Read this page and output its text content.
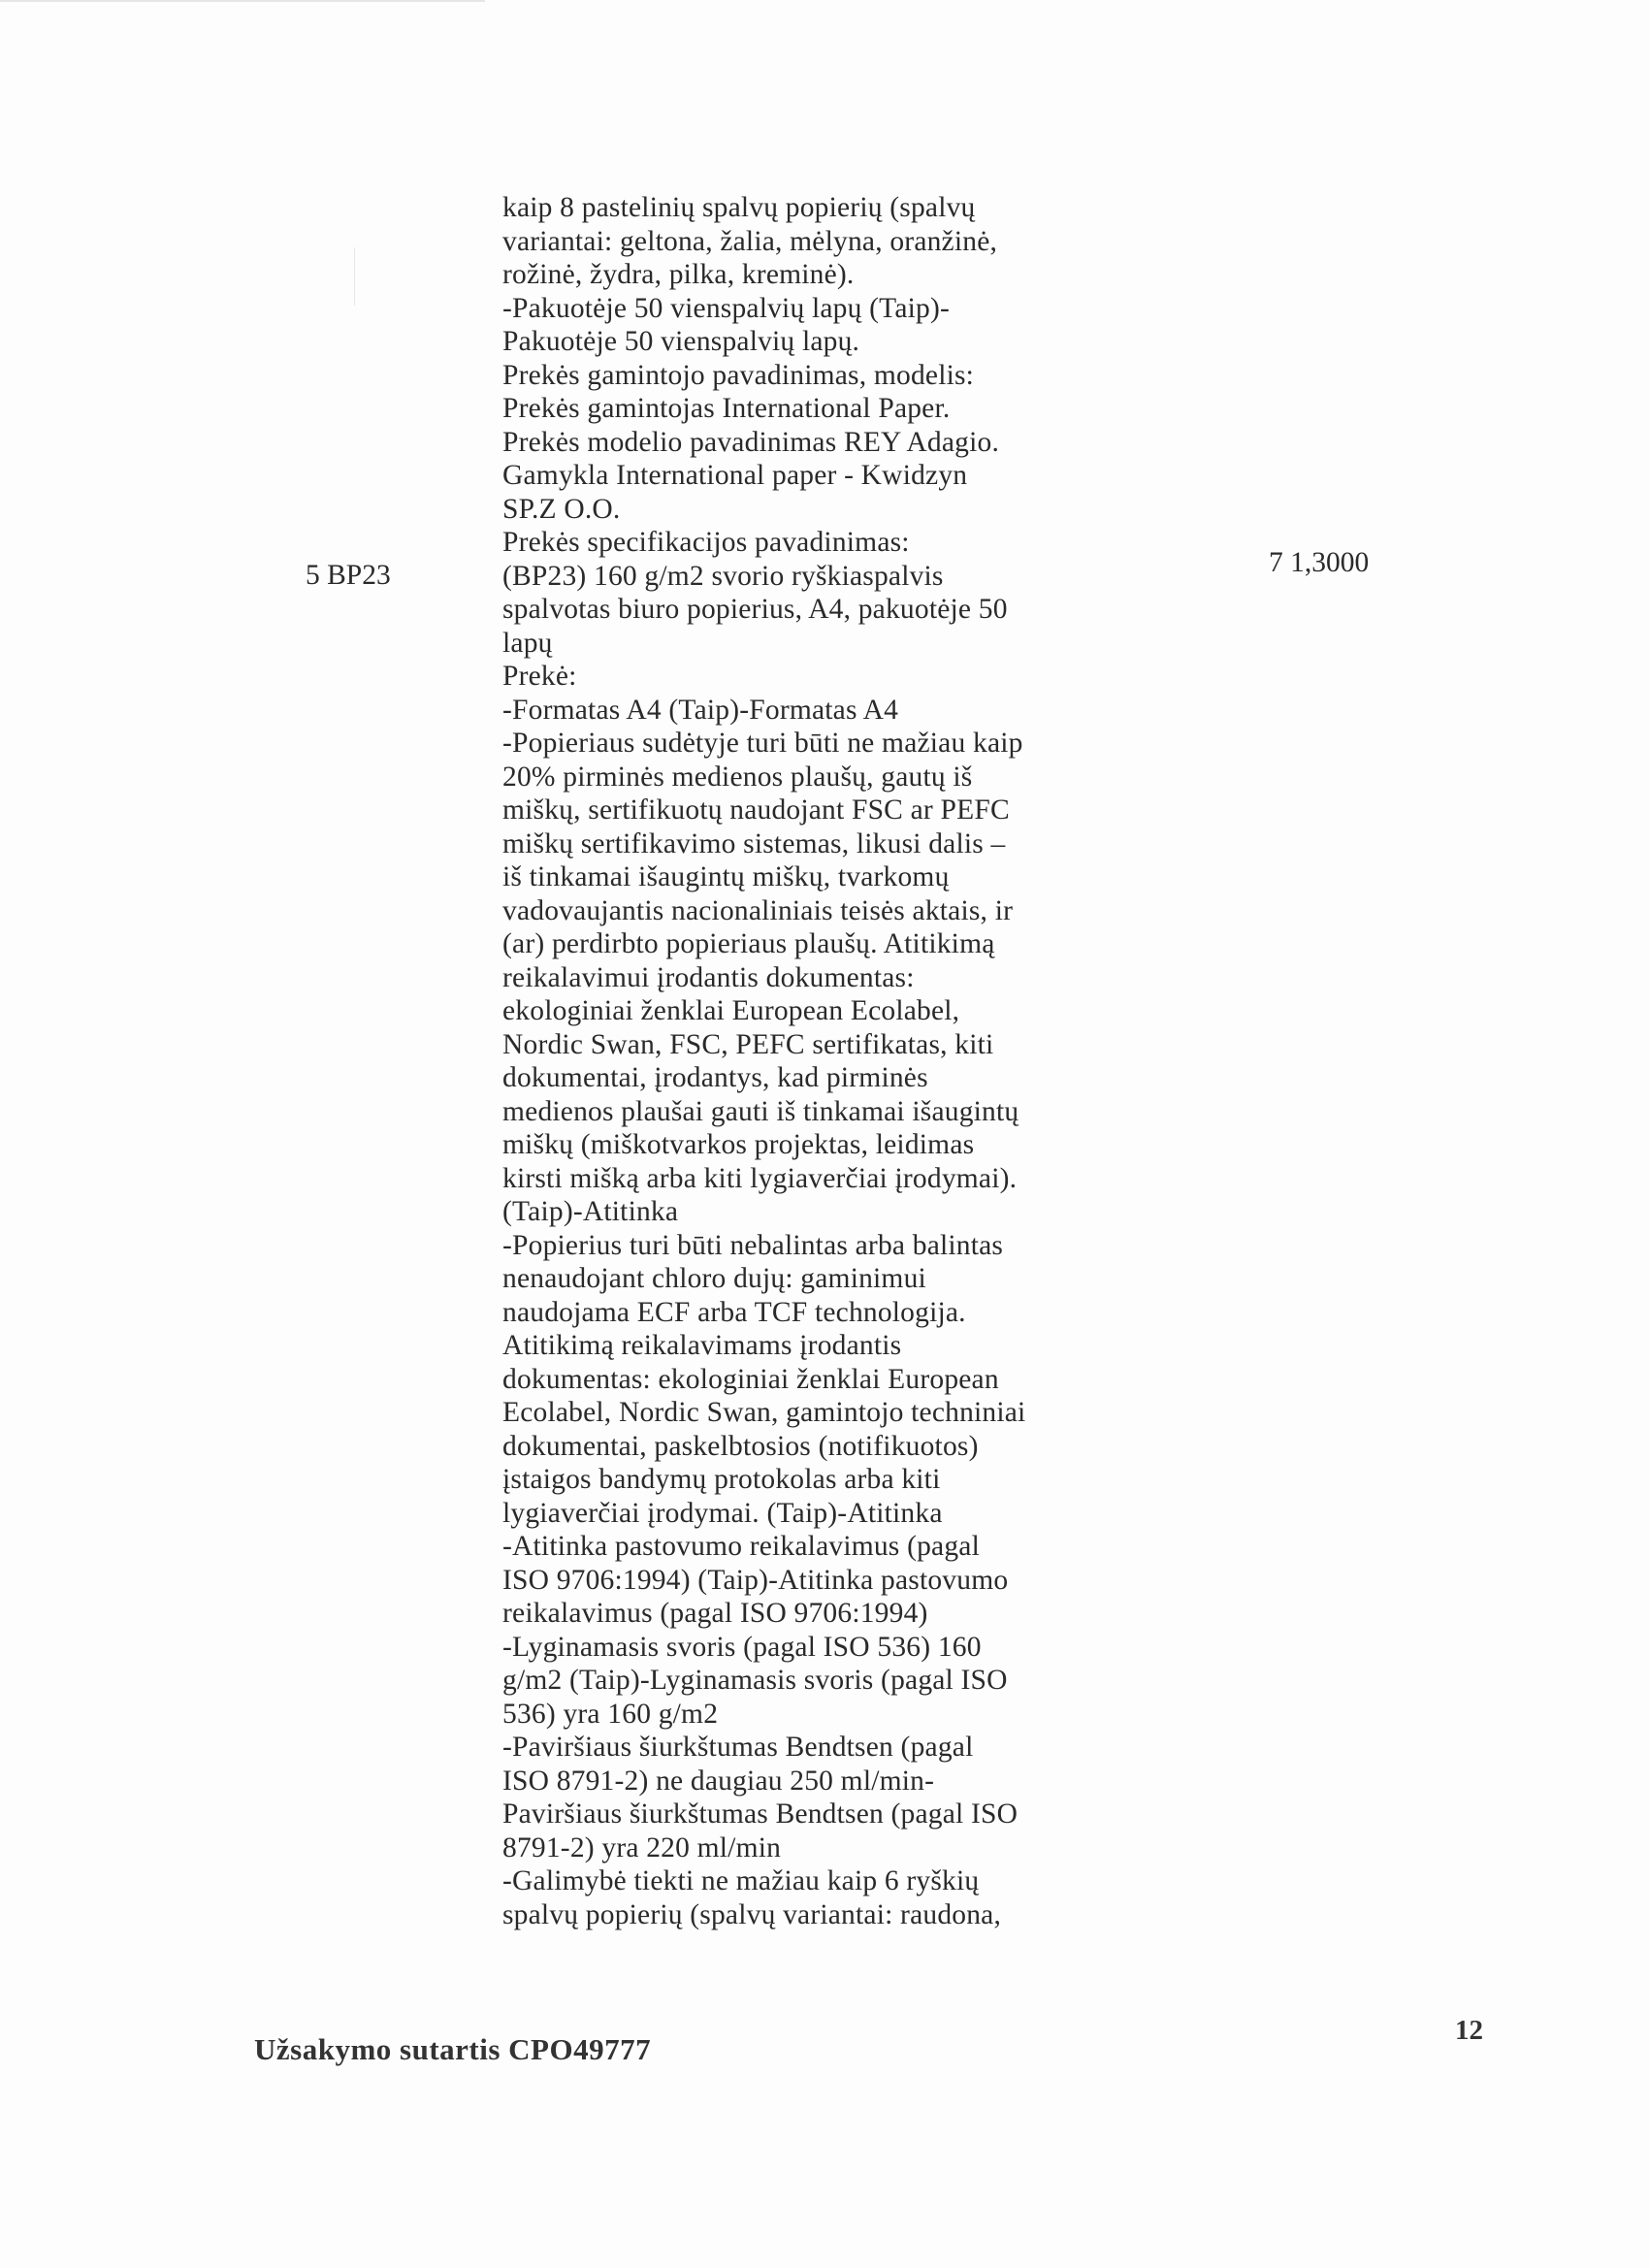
5 BP23	7 1,3000
kaip 8 pastelinių spalvų popierių (spalvų
variantai: geltona, žalia, mėlyna, oranžinė,
rožinė, žydra, pilka, kreminė).
-Pakuotėje 50 vienspalvių lapų (Taip)-
Pakuotėje 50 vienspalvių lapų.
Prekės gamintojo pavadinimas, modelis:
Prekės gamintojas International Paper.
Prekės modelio pavadinimas REY Adagio.
Gamykla International paper - Kwidzyn
SP.Z O.O.
Prekės specifikacijos pavadinimas:
(BP23) 160 g/m2 svorio ryškiaspalvis
spalvotas biuro popierius, A4, pakuotėje 50
lapų
Prekė:
-Formatas A4 (Taip)-Formatas A4
-Popieriaus sudėtyje turi būti ne mažiau kaip
20% pirminės medienos plaušų, gautų iš
miškų, sertifikuotų naudojant FSC ar PEFC
miškų sertifikavimo sistemas, likusi dalis –
iš tinkamai išaugintų miškų, tvarkomų
vadovaujantis nacionaliniais teisės aktais, ir
(ar) perdirbto popieriaus plaušų. Atitikimą
reikalavimui įrodantis dokumentas:
ekologiniai ženklai European Ecolabel,
Nordic Swan, FSC, PEFC sertifikatas, kiti
dokumentai, įrodantys, kad pirminės
medienos plaušai gauti iš tinkamai išaugintų
miškų (miškotvarkos projektas, leidimas
kirsti mišką arba kiti lygiaverčiai įrodymai).
(Taip)-Atitinka
-Popierius turi būti nebalintas arba balintas
nenaudojant chloro dujų: gaminimui
naudojama ECF arba TCF technologija.
Atitikimą reikalavimams įrodantis
dokumentas: ekologiniai ženklai European
Ecolabel, Nordic Swan, gamintojo techniniai
dokumentai, paskelbtosios (notifikuotos)
įstaigos bandymų protokolas arba kiti
lygiaverčiai įrodymai. (Taip)-Atitinka
-Atitinka pastovumo reikalavimus (pagal
ISO 9706:1994) (Taip)-Atitinka pastovumo
reikalavimus (pagal ISO 9706:1994)
-Lyginamasis svoris (pagal ISO 536) 160
g/m2 (Taip)-Lyginamasis svoris (pagal ISO
536) yra 160 g/m2
-Paviršiaus šiurkštumas Bendtsen (pagal
ISO 8791-2) ne daugiau 250 ml/min-
Paviršiaus šiurkštumas Bendtsen (pagal ISO
8791-2) yra 220 ml/min
-Galimybė tiekti ne mažiau kaip 6 ryškių
spalvų popierių (spalvų variantai: raudona,
Užsakymo sutartis CPO49777
12
